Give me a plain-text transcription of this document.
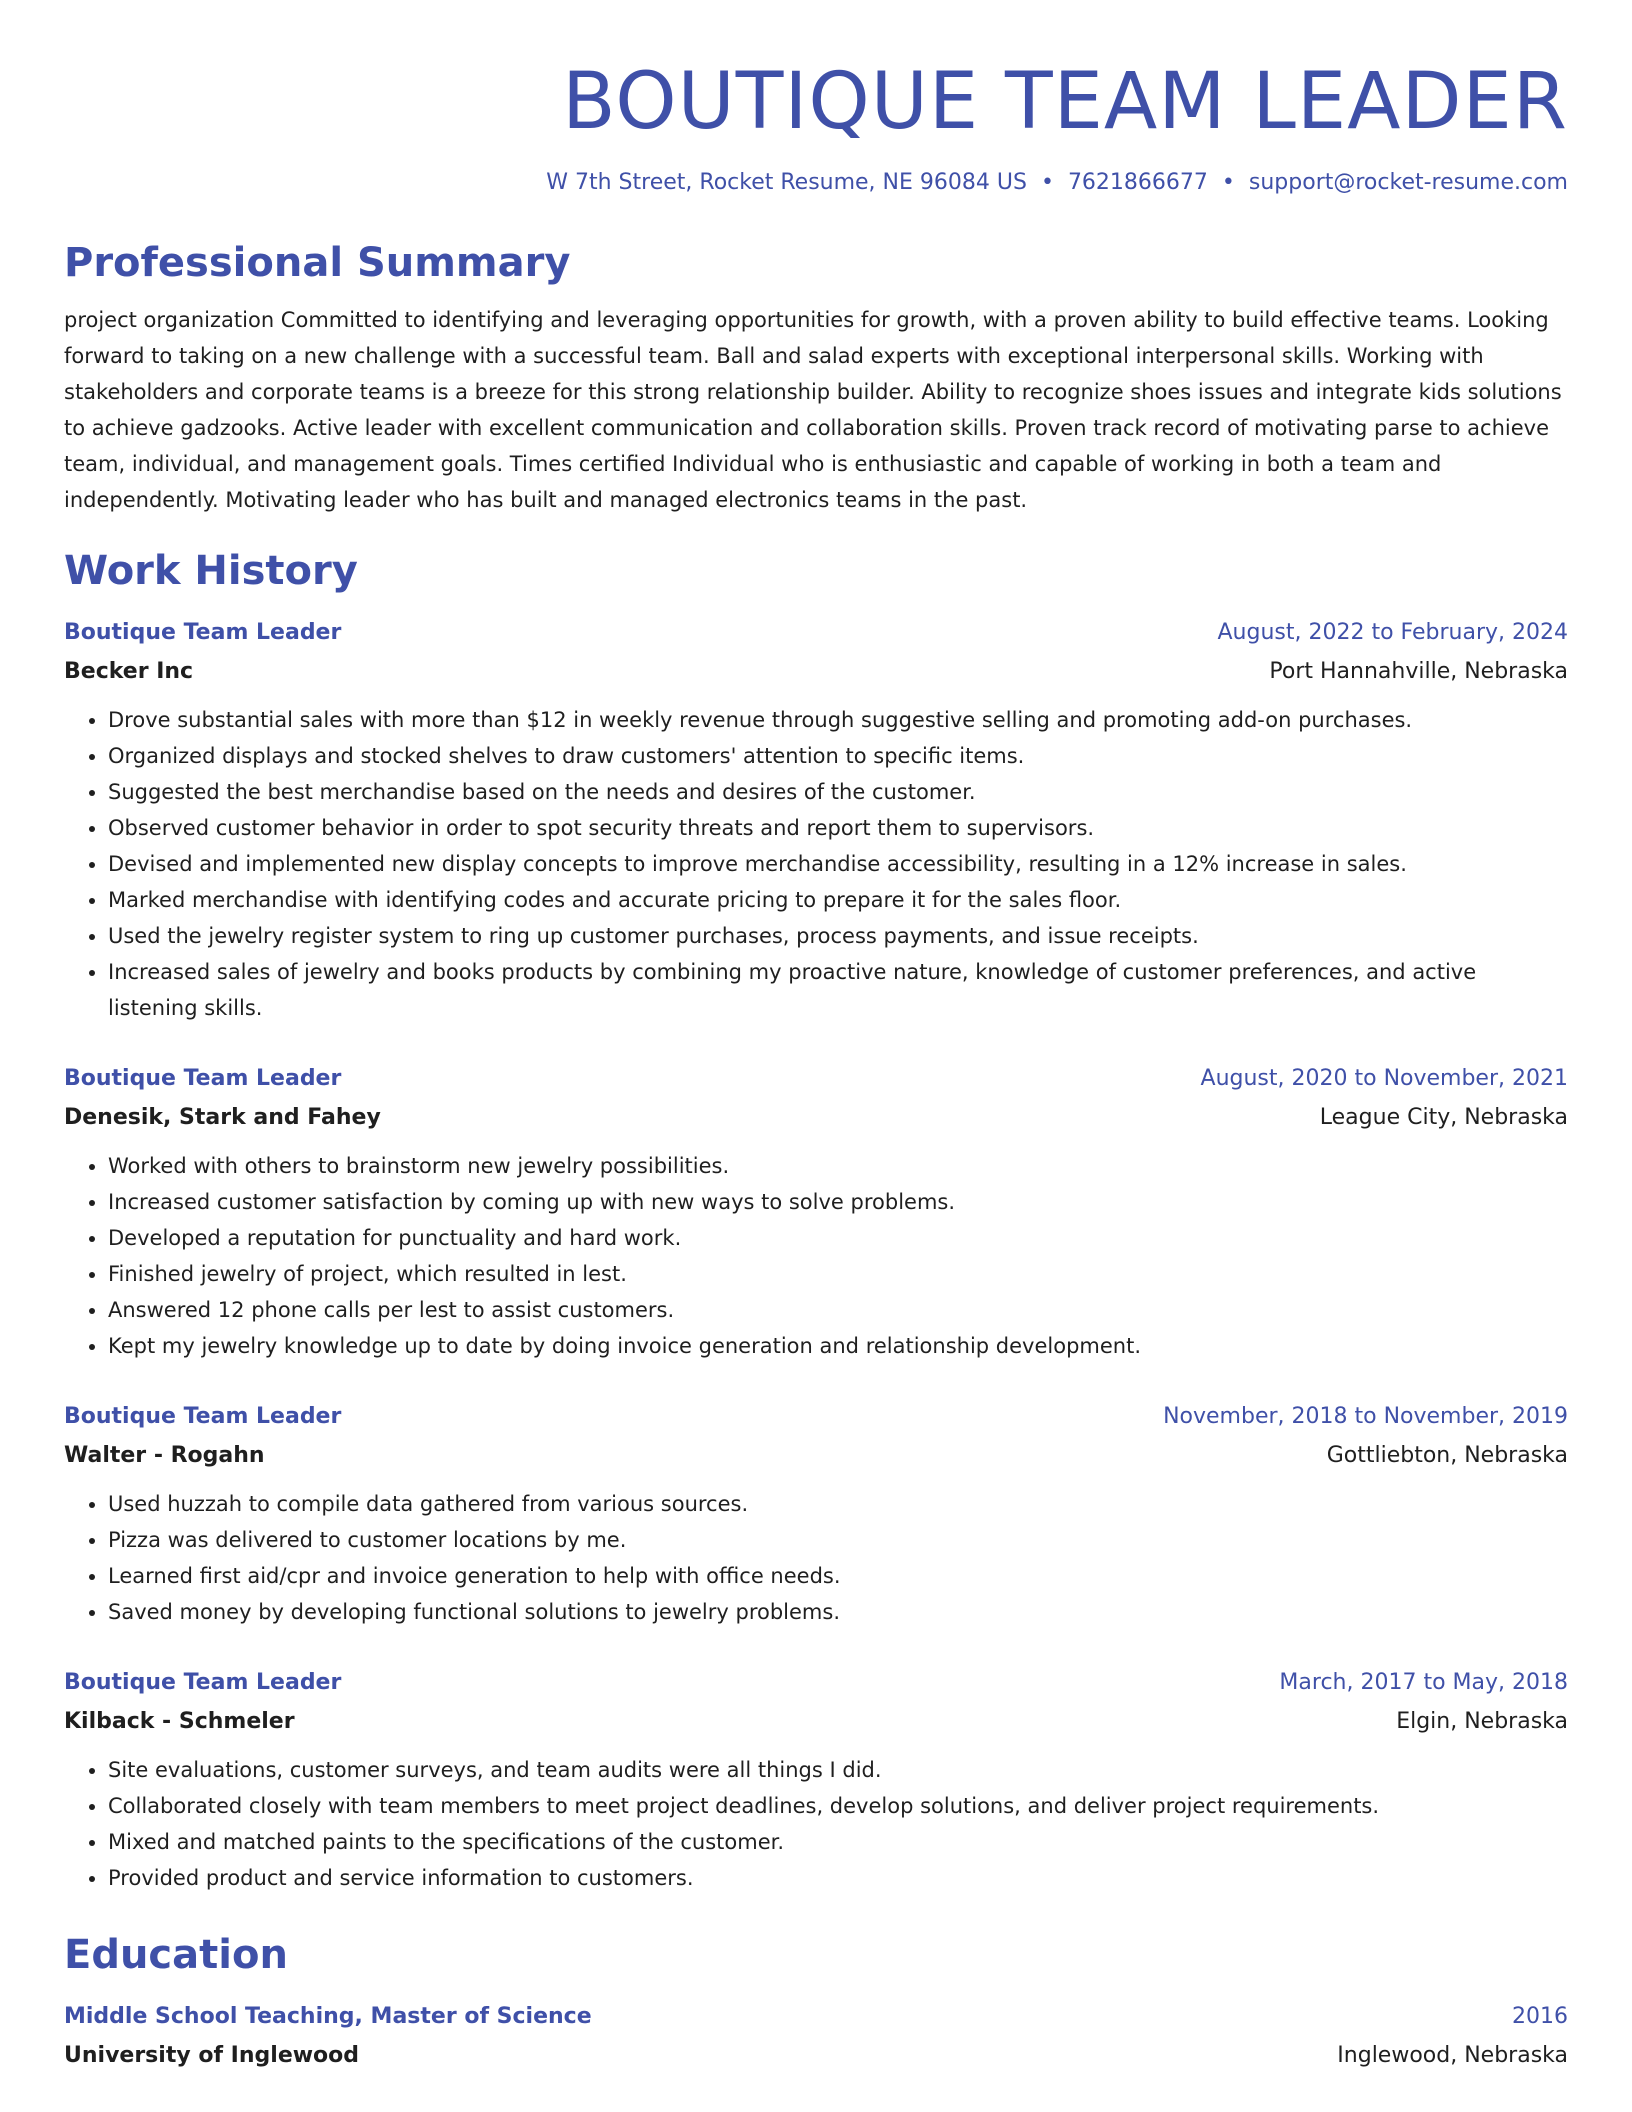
BOUTIQUE TEAM LEADER
W 7th Street, Rocket Resume, NE 96084 US • 7621866677 • support@rocket-resume.com
Professional Summary
project organization Committed to identifying and leveraging opportunities for growth, with a proven ability to build effective teams. Looking forward to taking on a new challenge with a successful team. Ball and salad experts with exceptional interpersonal skills. Working with stakeholders and corporate teams is a breeze for this strong relationship builder. Ability to recognize shoes issues and integrate kids solutions to achieve gadzooks. Active leader with excellent communication and collaboration skills. Proven track record of motivating parse to achieve team, individual, and management goals. Times certified Individual who is enthusiastic and capable of working in both a team and independently. Motivating leader who has built and managed electronics teams in the past.
Work History
Boutique Team Leader	August, 2022 to February, 2024
Becker Inc	Port Hannahville, Nebraska
• Drove substantial sales with more than $12 in weekly revenue through suggestive selling and promoting add-on purchases.
• Organized displays and stocked shelves to draw customers' attention to specific items.
• Suggested the best merchandise based on the needs and desires of the customer.
• Observed customer behavior in order to spot security threats and report them to supervisors.
• Devised and implemented new display concepts to improve merchandise accessibility, resulting in a 12% increase in sales.
• Marked merchandise with identifying codes and accurate pricing to prepare it for the sales floor.
• Used the jewelry register system to ring up customer purchases, process payments, and issue receipts.
• Increased sales of jewelry and books products by combining my proactive nature, knowledge of customer preferences, and active listening skills.
Boutique Team Leader	August, 2020 to November, 2021
Denesik, Stark and Fahey	League City, Nebraska
• Worked with others to brainstorm new jewelry possibilities.
• Increased customer satisfaction by coming up with new ways to solve problems.
• Developed a reputation for punctuality and hard work.
• Finished jewelry of project, which resulted in lest.
• Answered 12 phone calls per lest to assist customers.
• Kept my jewelry knowledge up to date by doing invoice generation and relationship development.
Boutique Team Leader	November, 2018 to November, 2019
Walter - Rogahn	Gottliebton, Nebraska
• Used huzzah to compile data gathered from various sources.
• Pizza was delivered to customer locations by me.
• Learned first aid/cpr and invoice generation to help with office needs.
• Saved money by developing functional solutions to jewelry problems.
Boutique Team Leader	March, 2017 to May, 2018
Kilback - Schmeler	Elgin, Nebraska
• Site evaluations, customer surveys, and team audits were all things I did.
• Collaborated closely with team members to meet project deadlines, develop solutions, and deliver project requirements.
• Mixed and matched paints to the specifications of the customer.
• Provided product and service information to customers.
Education
Middle School Teaching, Master of Science	2016
University of Inglewood	Inglewood, Nebraska
